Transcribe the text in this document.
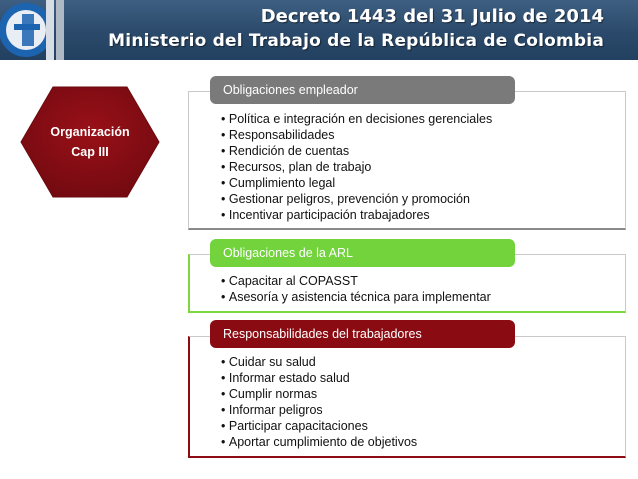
Decreto 1443 del 31 Julio de 2014
Ministerio del Trabajo de la República de Colombia
Organización
Cap III
Obligaciones empleador
• Política e integración en decisiones gerenciales
• Responsabilidades
• Rendición de cuentas
• Recursos, plan de trabajo
• Cumplimiento legal
• Gestionar peligros, prevención y promoción
• Incentivar participación trabajadores
Obligaciones de la ARL
• Capacitar al COPASST
• Asesoría y asistencia técnica para implementar
Responsabilidades del trabajadores
• Cuidar su salud
• Informar estado salud
• Cumplir normas
• Informar peligros
• Participar capacitaciones
• Aportar cumplimiento de objetivos
